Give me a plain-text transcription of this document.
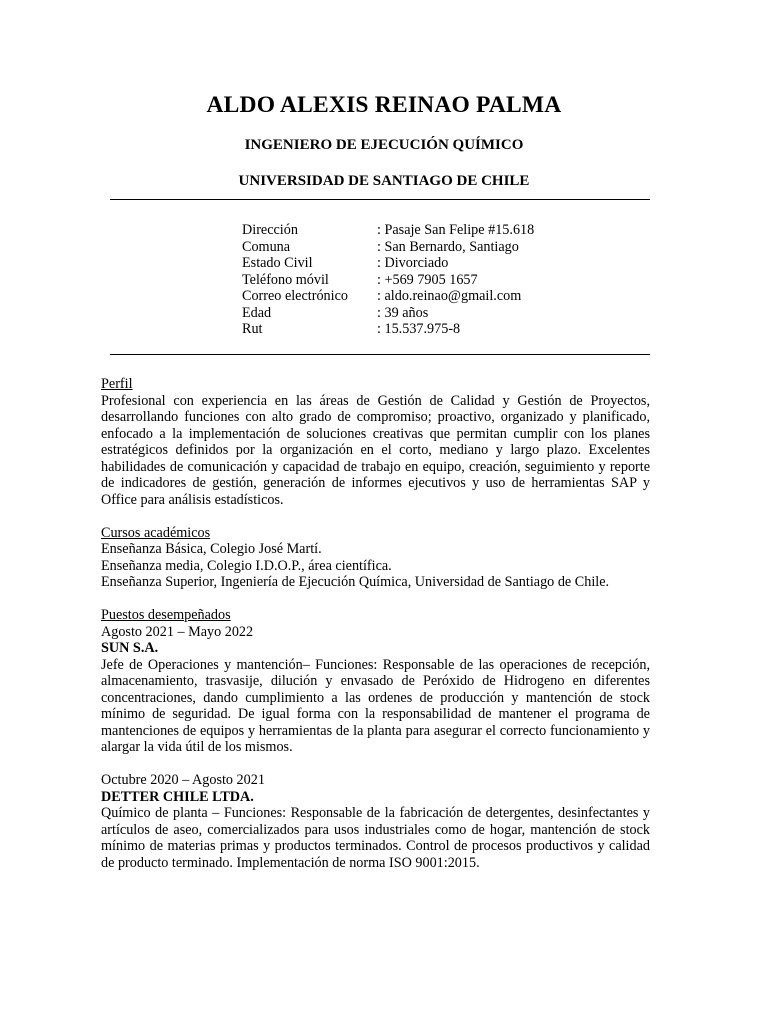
ALDO ALEXIS REINAO PALMA
INGENIERO DE EJECUCIÓN QUÍMICO
UNIVERSIDAD DE SANTIAGO DE CHILE
Dirección	: Pasaje San Felipe #15.618
Comuna	: San Bernardo, Santiago
Estado Civil	: Divorciado
Teléfono móvil	: +569 7905 1657
Correo electrónico	: aldo.reinao@gmail.com
Edad	: 39 años
Rut	: 15.537.975-8
Perfil

Profesional con experiencia en las áreas de Gestión de Calidad y Gestión de Proyectos, desarrollando funciones con alto grado de compromiso; proactivo, organizado y planificado, enfocado a la implementación de soluciones creativas que permitan cumplir con los planes estratégicos definidos por la organización en el corto, mediano y largo plazo. Excelentes habilidades de comunicación y capacidad de trabajo en equipo, creación, seguimiento y reporte de indicadores de gestión, generación de informes ejecutivos y uso de herramientas SAP y Office para análisis estadísticos.

Cursos académicos

Enseñanza Básica, Colegio José Martí.

Enseñanza media, Colegio I.D.O.P., área científica.

Enseñanza Superior, Ingeniería de Ejecución Química, Universidad de Santiago de Chile.

Puestos desempeñados

Agosto 2021 – Mayo 2022

SUN S.A.

Jefe de Operaciones y mantención– Funciones: Responsable de las operaciones de recepción, almacenamiento, trasvasije, dilución y envasado de Peróxido de Hidrogeno en diferentes concentraciones, dando cumplimiento a las ordenes de producción y mantención de stock mínimo de seguridad. De igual forma con la responsabilidad de mantener el programa de mantenciones de equipos y herramientas de la planta para asegurar el correcto funcionamiento y alargar la vida útil de los mismos.

Octubre 2020 – Agosto 2021

DETTER CHILE LTDA.

Químico de planta – Funciones: Responsable de la fabricación de detergentes, desinfectantes y artículos de aseo, comercializados para usos industriales como de hogar, mantención de stock mínimo de materias primas y productos terminados. Control de procesos productivos y calidad de producto terminado. Implementación de norma ISO 9001:2015.
